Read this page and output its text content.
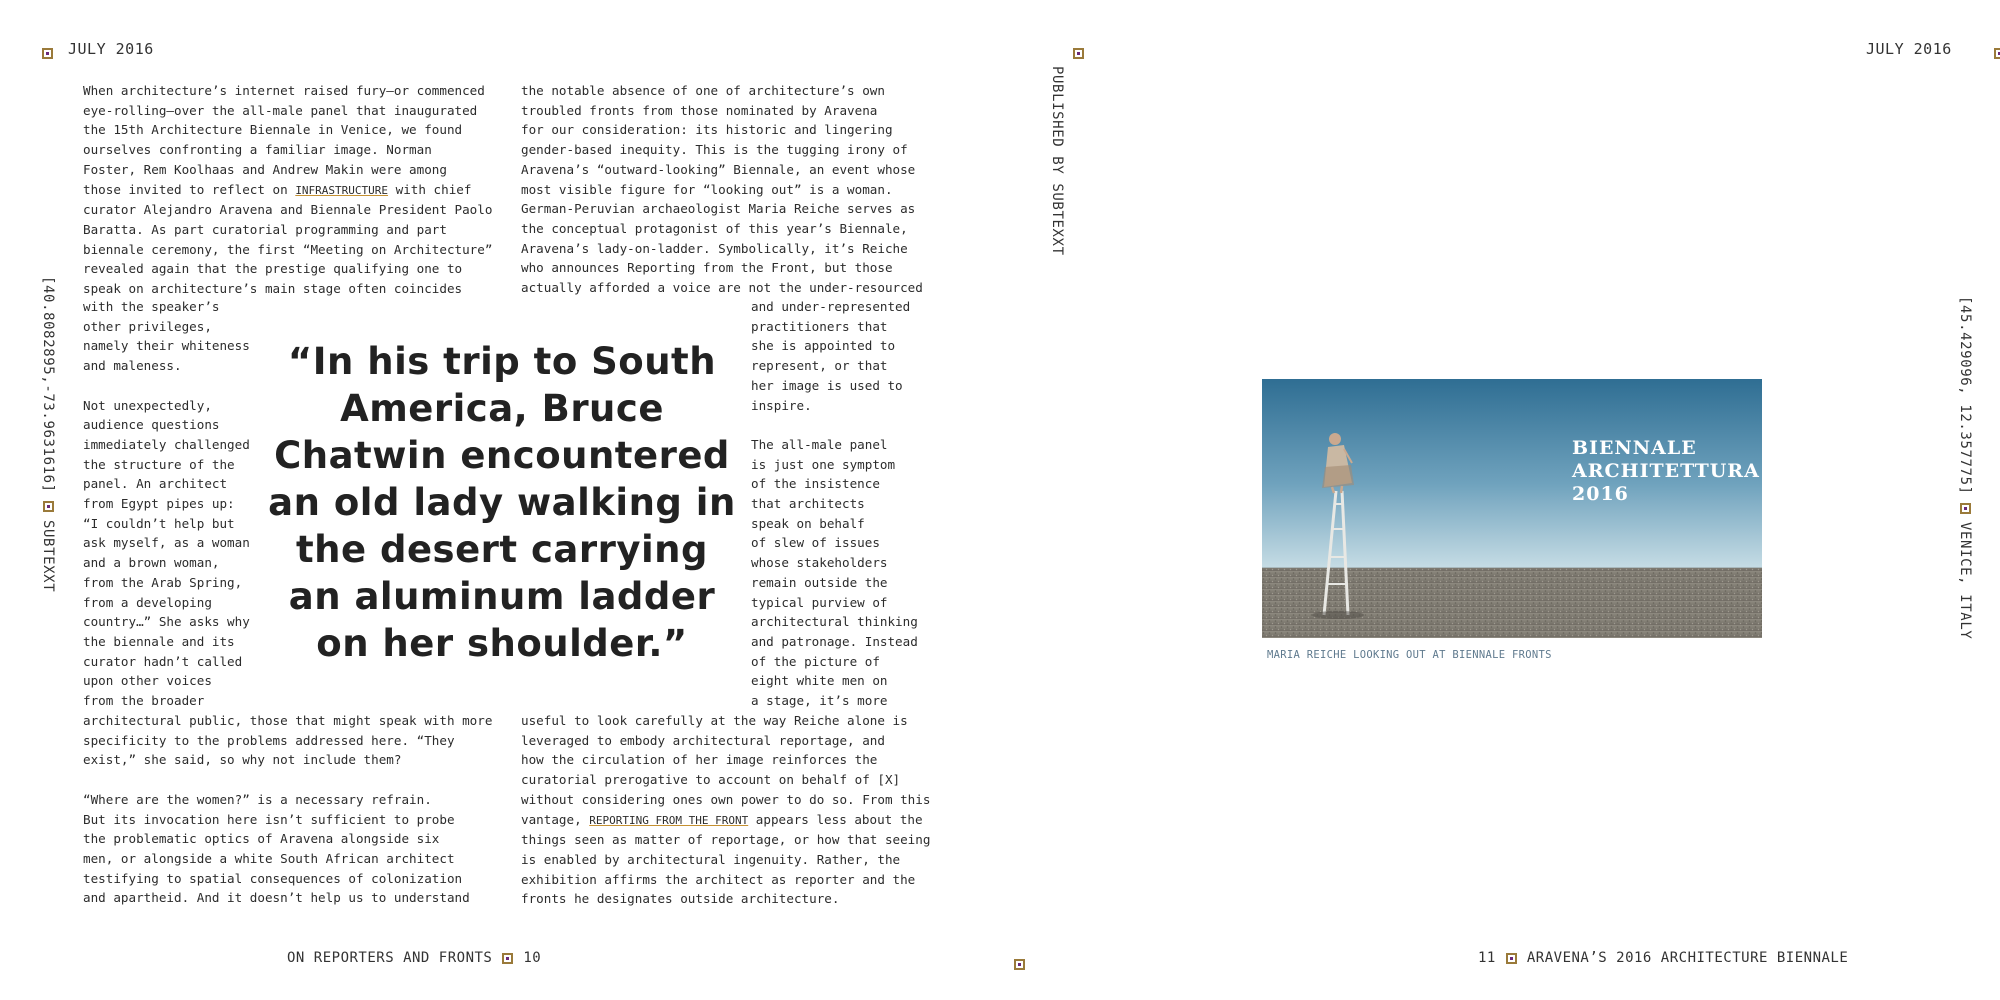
JULY 2016

PUBLISHED BY SUBTEXXT
JULY 2016

[40.8082895,-73.9631616]
SUBTEXXT
[45.429096, 12.357775]
VENICE, ITALY
When architecture’s internet raised fury—or commenced
eye-rolling—over the all-male panel that inaugurated
the 15th Architecture Biennale in Venice, we found
ourselves confronting a familiar image. Norman
Foster, Rem Koolhaas and Andrew Makin were among
those invited to reflect on INFRASTRUCTURE with chief
curator Alejandro Aravena and Biennale President Paolo
Baratta. As part curatorial programming and part
biennale ceremony, the first “Meeting on Architecture”
revealed again that the prestige qualifying one to
speak on architecture’s main stage often coincides
with the speaker’s
other privileges,
namely their whiteness
and maleness.

Not unexpectedly,
audience questions
immediately challenged
the structure of the
panel. An architect
from Egypt pipes up:
“I couldn’t help but
ask myself, as a woman
and a brown woman,
from the Arab Spring,
from a developing
country…” She asks why
the biennale and its
curator hadn’t called
upon other voices
from the broader
architectural public, those that might speak with more
specificity to the problems addressed here. “They
exist,” she said, so why not include them?

“Where are the women?” is a necessary refrain.
But its invocation here isn’t sufficient to probe
the problematic optics of Aravena alongside six
men, or alongside a white South African architect
testifying to spatial consequences of colonization
and apartheid. And it doesn’t help us to understand
the notable absence of one of architecture’s own
troubled fronts from those nominated by Aravena
for our consideration: its historic and lingering
gender-based inequity. This is the tugging irony of
Aravena’s “outward-looking” Biennale, an event whose
most visible figure for “looking out” is a woman.
German-Peruvian archaeologist Maria Reiche serves as
the conceptual protagonist of this year’s Biennale,
Aravena’s lady-on-ladder. Symbolically, it’s Reiche
who announces Reporting from the Front, but those
actually afforded a voice are not the under-resourced
and under-represented
practitioners that
she is appointed to
represent, or that
her image is used to
inspire.

The all-male panel
is just one symptom
of the insistence
that architects
speak on behalf
of slew of issues
whose stakeholders
remain outside the
typical purview of
architectural thinking
and patronage. Instead
of the picture of
eight white men on
a stage, it’s more
useful to look carefully at the way Reiche alone is
leveraged to embody architectural reportage, and
how the circulation of her image reinforces the
curatorial prerogative to account on behalf of [X]
without considering ones own power to do so. From this
vantage, REPORTING FROM THE FRONT appears less about the
things seen as matter of reportage, or how that seeing
is enabled by architectural ingenuity. Rather, the
exhibition affirms the architect as reporter and the
fronts he designates outside architecture.
“In his trip to South America, Bruce Chatwin encountered an old lady walking in the desert carrying an aluminum ladder on her shoulder.”
BIENNALE
ARCHITETTURA
2016
MARIA REICHE LOOKING OUT AT BIENNALE FRONTS
ON REPORTERS AND FRONTS 10	11 ARAVENA’S 2016 ARCHITECTURE BIENNALE
